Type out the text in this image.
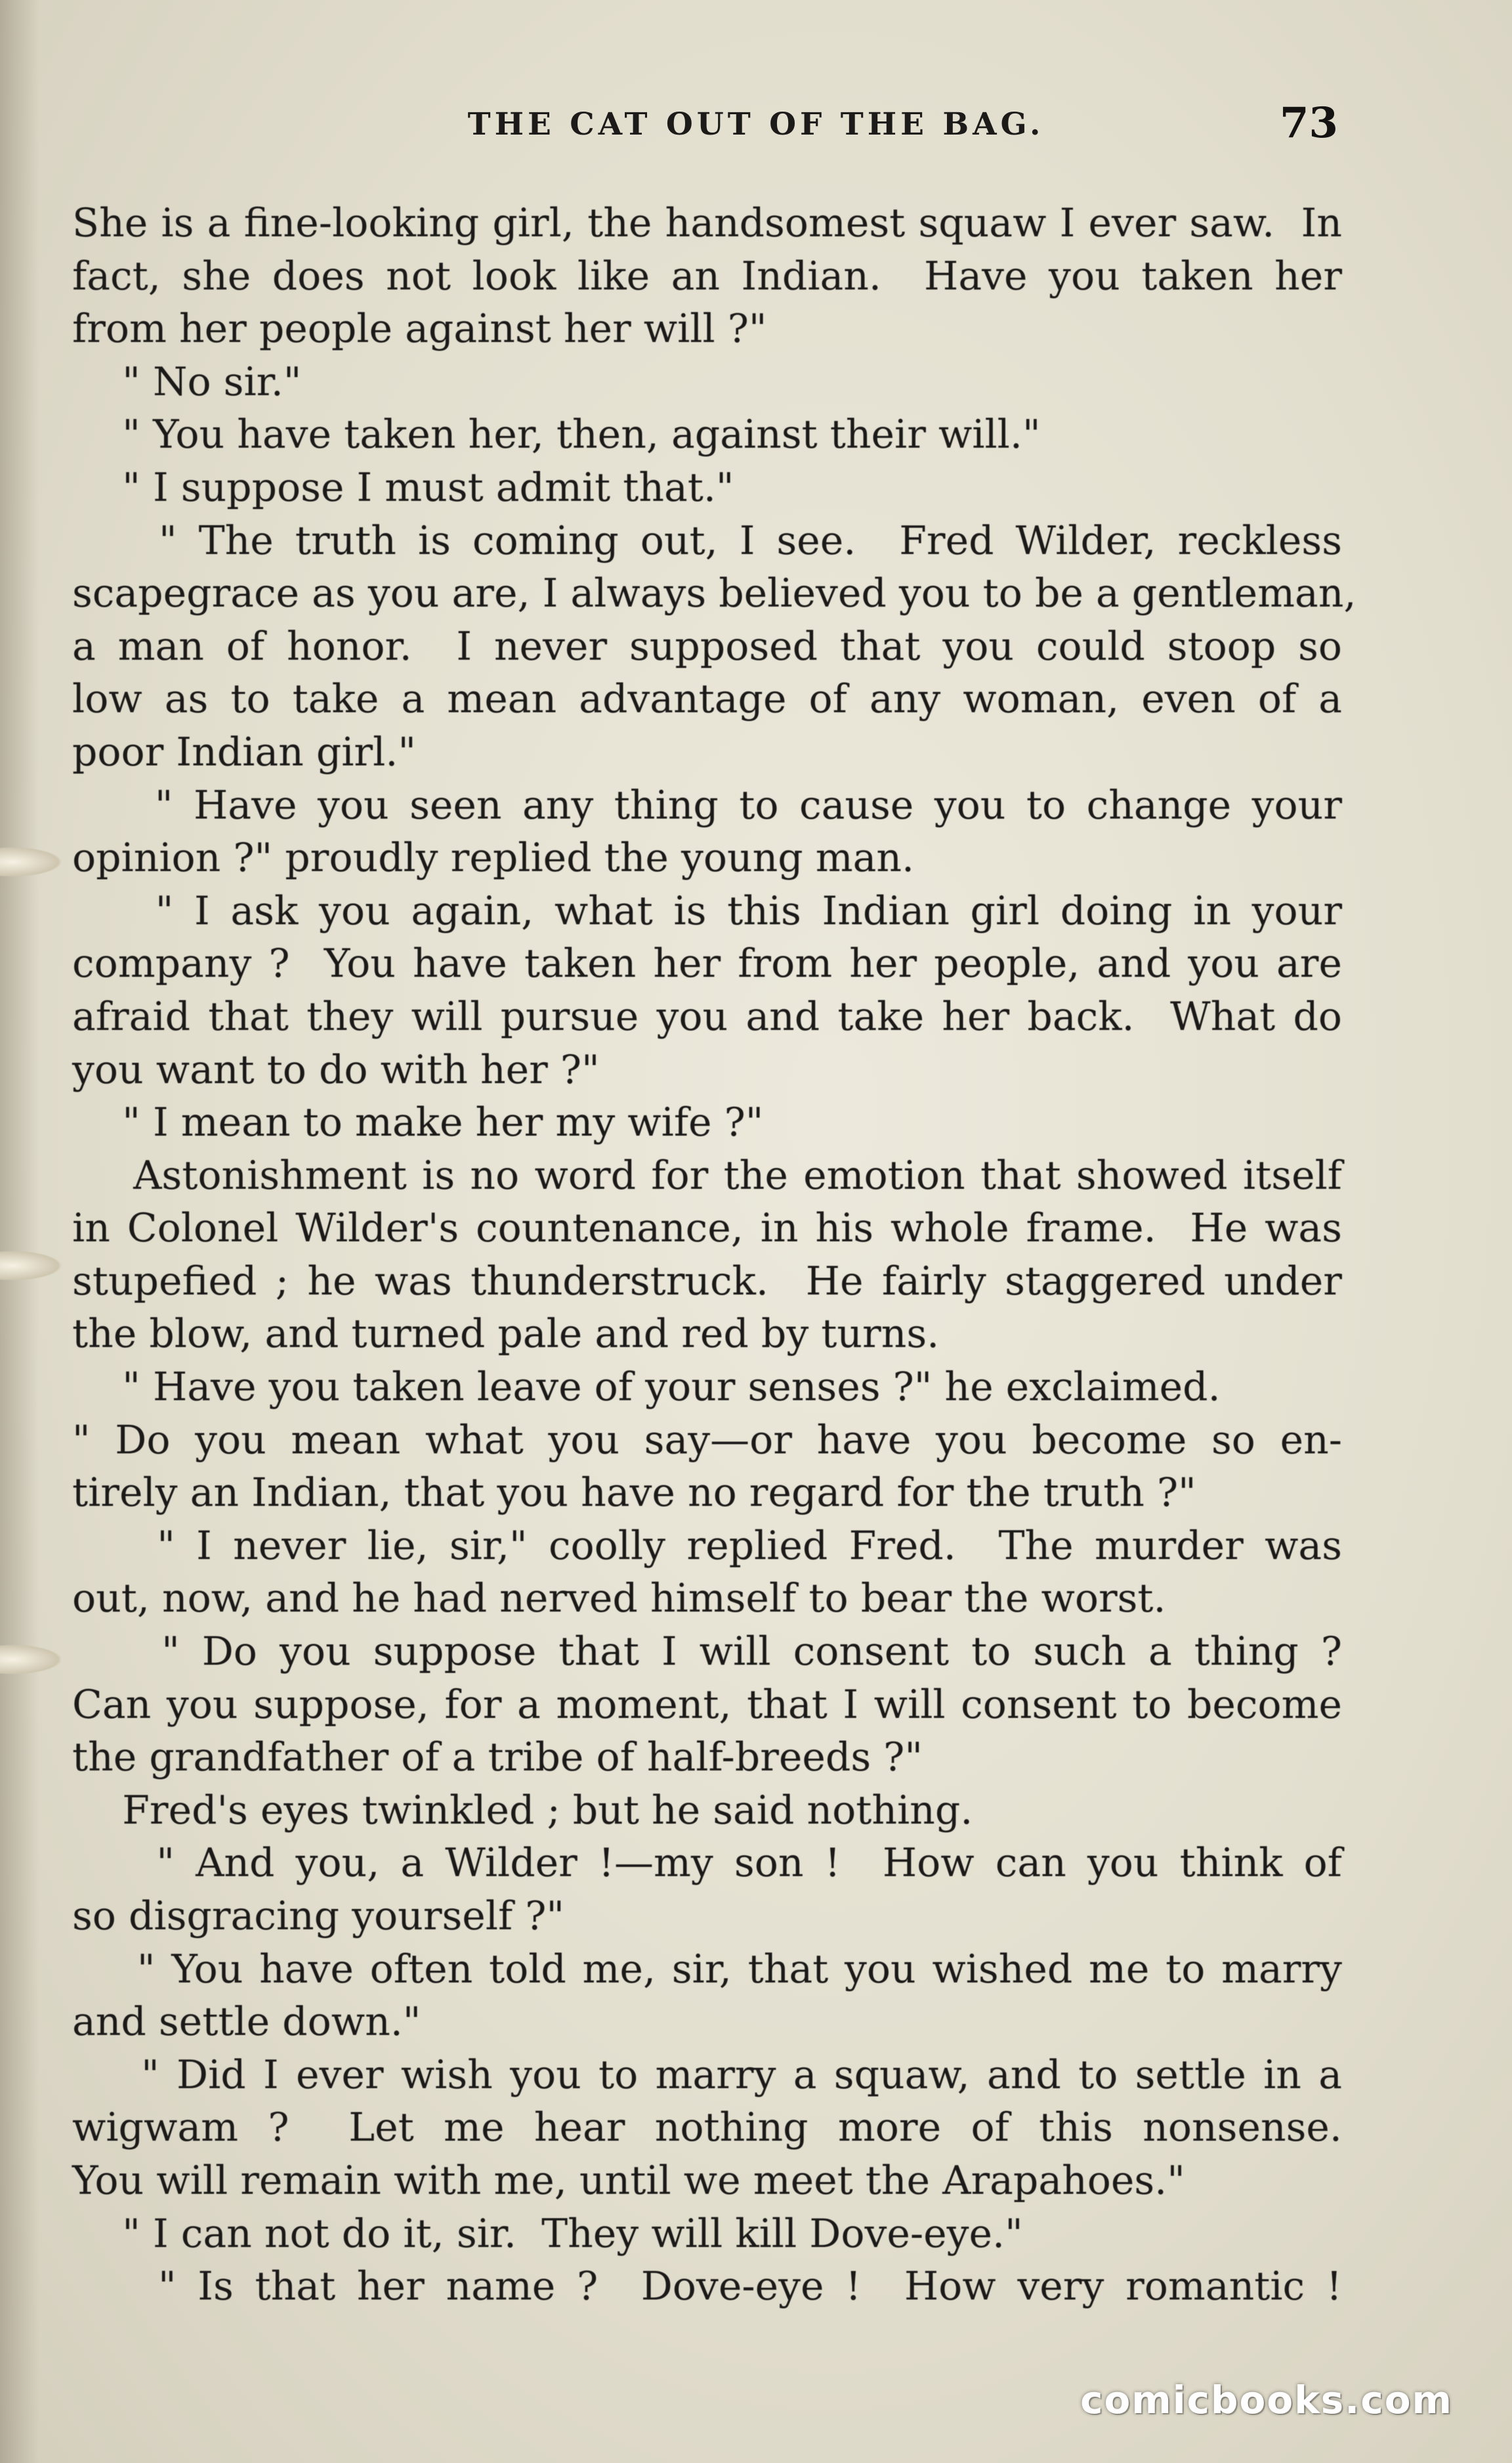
THE CAT OUT OF THE BAG.	73
She is a fine-looking girl, the handsomest squaw I ever saw.  In
fact, she does not look like an Indian.  Have you taken her
from her people against her will ?"
" No sir."
" You have taken her, then, against their will."
" I suppose I must admit that."
" The truth is coming out, I see.  Fred Wilder, reckless
scapegrace as you are, I always believed you to be a gentleman,
a man of honor.  I never supposed that you could stoop so
low as to take a mean advantage of any woman, even of a
poor Indian girl."
" Have you seen any thing to cause you to change your
opinion ?" proudly replied the young man.
" I ask you again, what is this Indian girl doing in your
company ?  You have taken her from her people, and you are
afraid that they will pursue you and take her back.  What do
you want to do with her ?"
" I mean to make her my wife ?"
Astonishment is no word for the emotion that showed itself
in Colonel Wilder's countenance, in his whole frame.  He was
stupefied ; he was thunderstruck.  He fairly staggered under
the blow, and turned pale and red by turns.
" Have you taken leave of your senses ?" he exclaimed.
" Do you mean what you say—or have you become so en-
tirely an Indian, that you have no regard for the truth ?"
" I never lie, sir," coolly replied Fred.  The murder was
out, now, and he had nerved himself to bear the worst.
" Do you suppose that I will consent to such a thing ?
Can you suppose, for a moment, that I will consent to become
the grandfather of a tribe of half-breeds ?"
Fred's eyes twinkled ; but he said nothing.
" And you, a Wilder !—my son !  How can you think of
so disgracing yourself ?"
" You have often told me, sir, that you wished me to marry
and settle down."
" Did I ever wish you to marry a squaw, and to settle in a
wigwam ?  Let me hear nothing more of this nonsense.
You will remain with me, until we meet the Arapahoes."
" I can not do it, sir.  They will kill Dove-eye."
" Is that her name ?  Dove-eye !  How very romantic !
comicbooks.com
